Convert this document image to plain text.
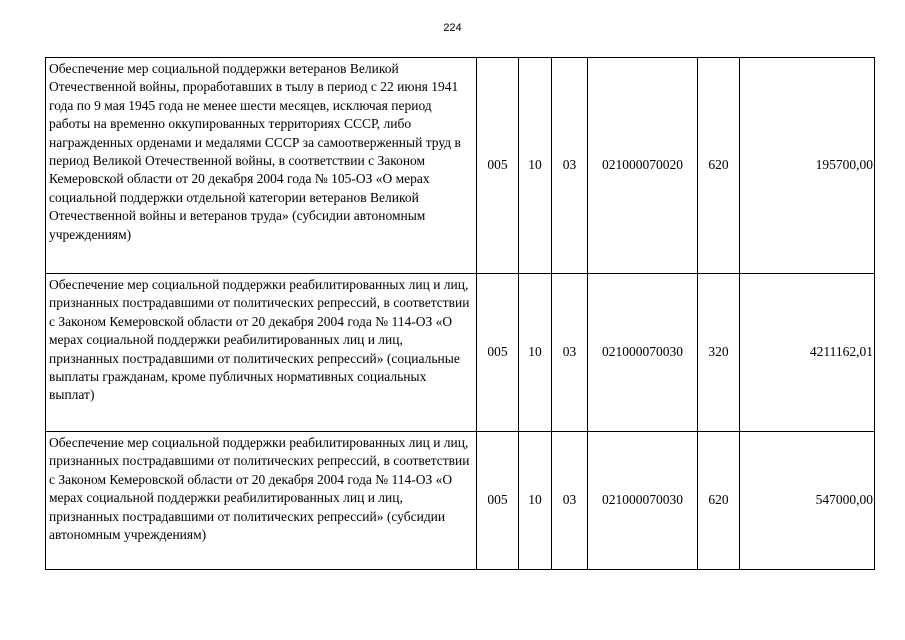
224
Обеспечение мер социальной поддержки ветеранов Великой Отечественной войны, проработавших в тылу в период с 22 июня 1941 года по 9 мая 1945 года не менее шести месяцев, исключая период работы на временно оккупированных территориях СССР, либо награжденных орденами и медалями СССР за самоотверженный труд в период Великой Отечественной войны, в соответствии с Законом Кемеровской области от 20 декабря 2004 года № 105-ОЗ «О мерах социальной поддержки отдельной категории ветеранов Великой Отечественной войны и ветеранов труда» (субсидии автономным учреждениям)	005	10	03	021000070020	620	195700,00
Обеспечение мер социальной поддержки реабилитированных лиц и лиц, признанных пострадавшими от политических репрессий, в соответствии с Законом Кемеровской области от 20 декабря 2004 года № 114-ОЗ «О мерах социальной поддержки реабилитированных лиц и лиц, признанных пострадавшими от политических репрессий» (социальные выплаты гражданам, кроме публичных нормативных социальных выплат)	005	10	03	021000070030	320	4211162,01
Обеспечение мер социальной поддержки реабилитированных лиц и лиц, признанных пострадавшими от политических репрессий, в соответствии с Законом Кемеровской области от 20 декабря 2004 года № 114-ОЗ «О мерах социальной поддержки реабилитированных лиц и лиц, признанных пострадавшими от политических репрессий» (субсидии автономным учреждениям)	005	10	03	021000070030	620	547000,00
